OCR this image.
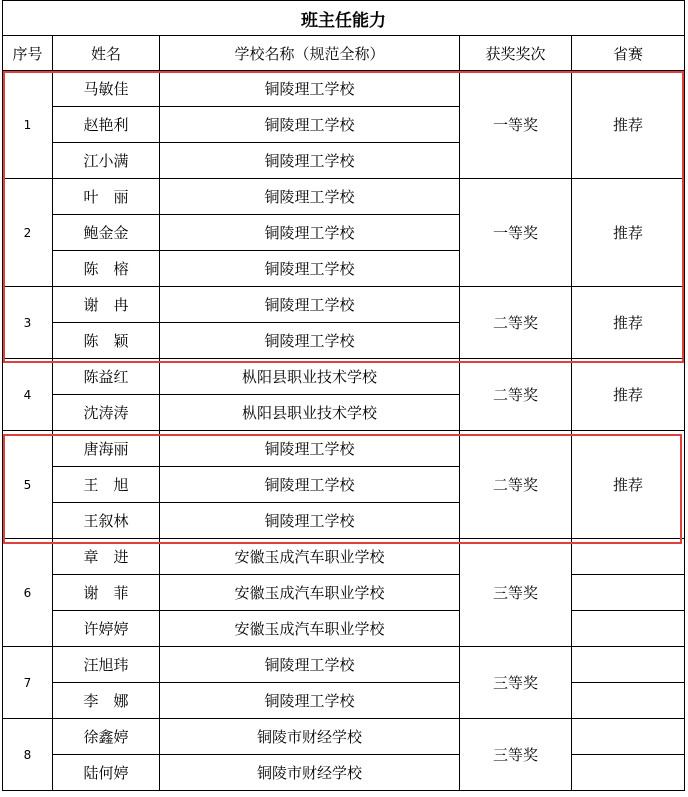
班主任能力				
序号	姓名	学校名称（规范全称）	获奖奖次	省赛
1	马敏佳	铜陵理工学校	一等奖	推荐
	赵艳利	铜陵理工学校		
	江小满	铜陵理工学校		
2	叶　丽	铜陵理工学校	一等奖	推荐
	鲍金金	铜陵理工学校		
	陈　榕	铜陵理工学校		
3	谢　冉	铜陵理工学校	二等奖	推荐
	陈　颖	铜陵理工学校		
4	陈益红	枞阳县职业技术学校	二等奖	推荐
	沈涛涛	枞阳县职业技术学校		
5	唐海丽	铜陵理工学校	二等奖	推荐
	王　旭	铜陵理工学校		
	王叙林	铜陵理工学校		
6	章　进	安徽玉成汽车职业学校	三等奖	
	谢　菲	安徽玉成汽车职业学校		
	许婷婷	安徽玉成汽车职业学校		
7	汪旭玮	铜陵理工学校	三等奖	
	李　娜	铜陵理工学校		
8	徐鑫婷	铜陵市财经学校	三等奖	
	陆何婷	铜陵市财经学校		
